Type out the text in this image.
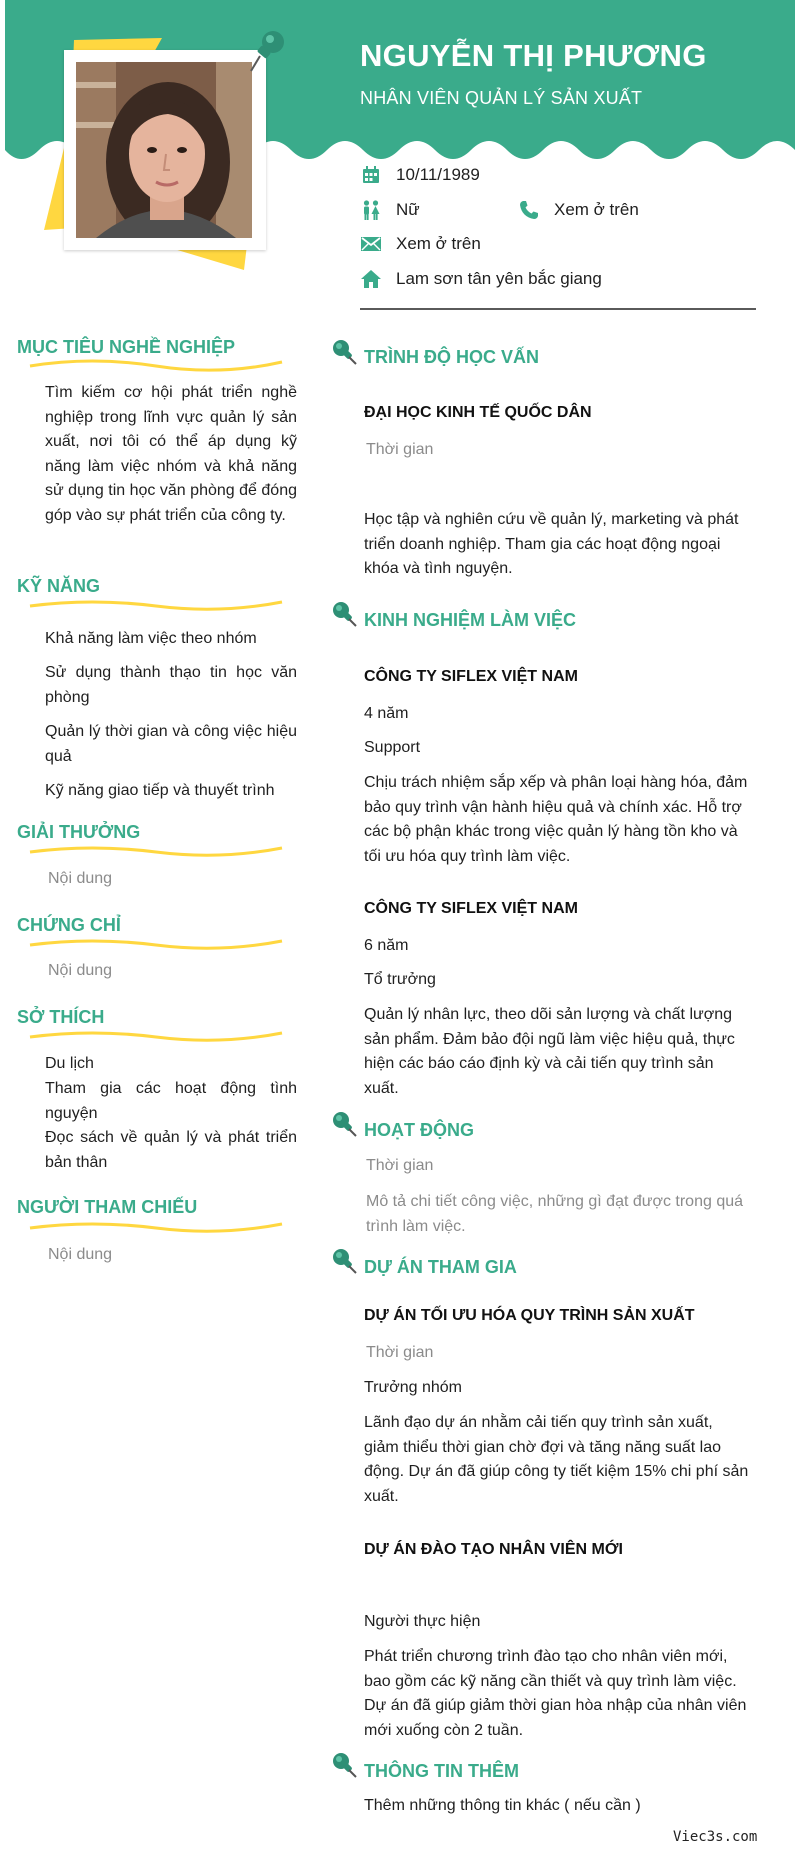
NGUYỄN THỊ PHƯƠNG
NHÂN VIÊN QUẢN LÝ SẢN XUẤT
10/11/1989
Nữ	Xem ở trên
Xem ở trên
Lam sơn tân yên bắc giang
MỤC TIÊU NGHỀ NGHIỆP
Tìm kiếm cơ hội phát triển nghề nghiệp trong lĩnh vực quản lý sản xuất, nơi tôi có thể áp dụng kỹ năng làm việc nhóm và khả năng sử dụng tin học văn phòng để đóng góp vào sự phát triển của công ty.
KỸ NĂNG
Khả năng làm việc theo nhóm
Sử dụng thành thạo tin học văn phòng
Quản lý thời gian và công việc hiệu quả
Kỹ năng giao tiếp và thuyết trình
GIẢI THƯỞNG
Nội dung
CHỨNG CHỈ
Nội dung
SỞ THÍCH
Du lịch
Tham gia các hoạt động tình nguyện
Đọc sách về quản lý và phát triển bản thân
NGƯỜI THAM CHIẾU
Nội dung
TRÌNH ĐỘ HỌC VẤN
ĐẠI HỌC KINH TẾ QUỐC DÂN
Thời gian
Học tập và nghiên cứu về quản lý, marketing và phát triển doanh nghiệp. Tham gia các hoạt động ngoại khóa và tình nguyện.
KINH NGHIỆM LÀM VIỆC
CÔNG TY SIFLEX VIỆT NAM
4 năm
Support
Chịu trách nhiệm sắp xếp và phân loại hàng hóa, đảm bảo quy trình vận hành hiệu quả và chính xác. Hỗ trợ các bộ phận khác trong việc quản lý hàng tồn kho và tối ưu hóa quy trình làm việc.
CÔNG TY SIFLEX VIỆT NAM
6 năm
Tổ trưởng
Quản lý nhân lực, theo dõi sản lượng và chất lượng sản phẩm. Đảm bảo đội ngũ làm việc hiệu quả, thực hiện các báo cáo định kỳ và cải tiến quy trình sản xuất.
HOẠT ĐỘNG
Thời gian
Mô tả chi tiết công việc, những gì đạt được trong quá trình làm việc.
DỰ ÁN THAM GIA
DỰ ÁN TỐI ƯU HÓA QUY TRÌNH SẢN XUẤT
Thời gian
Trưởng nhóm
Lãnh đạo dự án nhằm cải tiến quy trình sản xuất, giảm thiểu thời gian chờ đợi và tăng năng suất lao động. Dự án đã giúp công ty tiết kiệm 15% chi phí sản xuất.
DỰ ÁN ĐÀO TẠO NHÂN VIÊN MỚI
Người thực hiện
Phát triển chương trình đào tạo cho nhân viên mới, bao gồm các kỹ năng cần thiết và quy trình làm việc. Dự án đã giúp giảm thời gian hòa nhập của nhân viên mới xuống còn 2 tuần.
THÔNG TIN THÊM
Thêm những thông tin khác ( nếu cần )
Viec3s.com
